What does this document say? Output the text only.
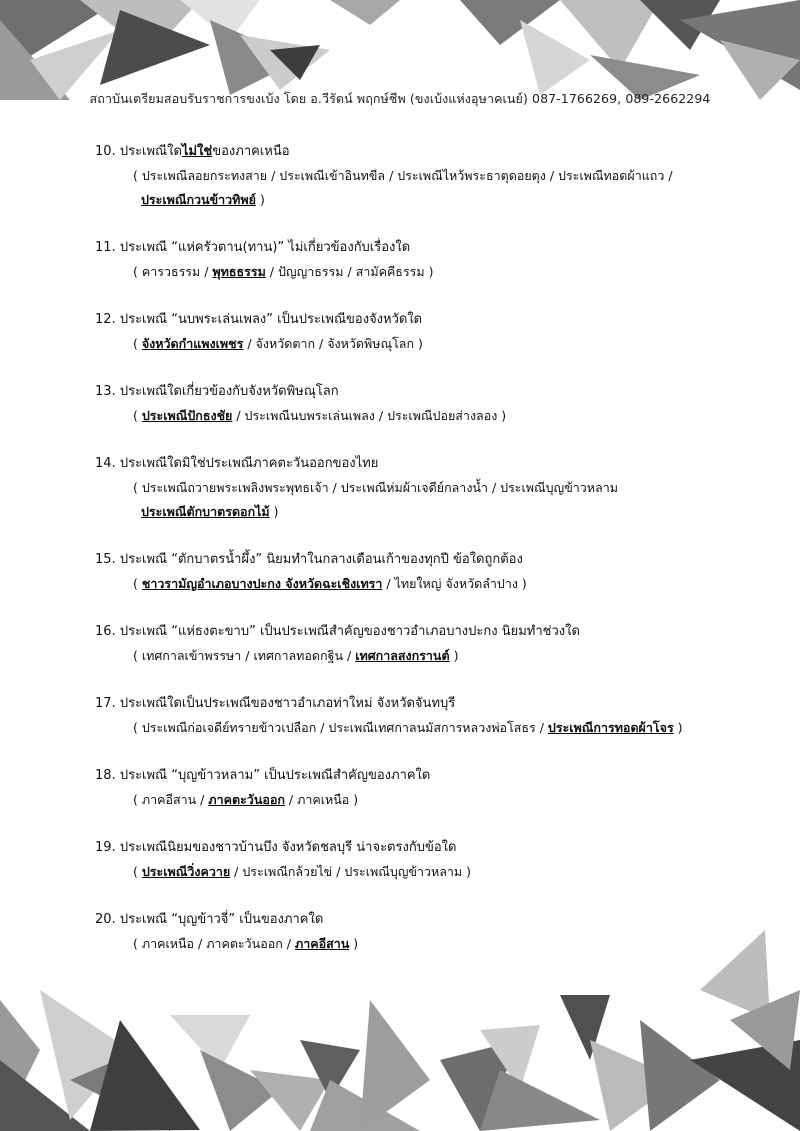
สถาบันเตรียมสอบรับราชการขงเบ้ง โดย อ.วีรัตน์ พฤกษ์ชีพ (ขงเบ้งแห่งอุษาคเนย์) 087-1766269, 089-2662294
10. ประเพณีใดไม่ใช่ของภาคเหนือ
( ประเพณีลอยกระทงสาย / ประเพณีเข้าอินทขีล / ประเพณีไหว้พระธาตุดอยตุง / ประเพณีทอดผ้าแถว /
ประเพณีกวนข้าวทิพย์ )
11. ประเพณี “แห่ครัวตาน(ทาน)” ไม่เกี่ยวข้องกับเรื่องใด
( คารวธรรม / พุทธธรรม / ปัญญาธรรม / สามัคคีธรรม )
12. ประเพณี “นบพระเล่นเพลง” เป็นประเพณีของจังหวัดใด
( จังหวัดกำแพงเพชร / จังหวัดตาก / จังหวัดพิษณุโลก )
13. ประเพณีใดเกี่ยวข้องกับจังหวัดพิษณุโลก
( ประเพณีปักธงชัย / ประเพณีนบพระเล่นเพลง / ประเพณีปอยส่างลอง )
14. ประเพณีใดมิใช่ประเพณีภาคตะวันออกของไทย
( ประเพณีถวายพระเพลิงพระพุทธเจ้า / ประเพณีห่มผ้าเจดีย์กลางน้ำ / ประเพณีบุญข้าวหลาม
ประเพณีตักบาตรดอกไม้ )
15. ประเพณี “ตักบาตรน้ำผึ้ง” นิยมทำในกลางเดือนเก้าของทุกปี ข้อใดถูกต้อง
( ชาวรามัญอำเภอบางปะกง จังหวัดฉะเชิงเทรา / ไทยใหญ่ จังหวัดลำปาง )
16. ประเพณี “แห่ธงตะขาบ” เป็นประเพณีสำคัญของชาวอำเภอบางปะกง นิยมทำช่วงใด
( เทศกาลเข้าพรรษา / เทศกาลทอดกฐิน / เทศกาลสงกรานต์ )
17. ประเพณีใดเป็นประเพณีของชาวอำเภอท่าใหม่ จังหวัดจันทบุรี
( ประเพณีก่อเจดีย์ทรายข้าวเปลือก / ประเพณีเทศกาลนมัสการหลวงพ่อโสธร / ประเพณีการทอดผ้าโจร )
18. ประเพณี “บุญข้าวหลาม” เป็นประเพณีสำคัญของภาคใด
( ภาคอีสาน / ภาคตะวันออก / ภาคเหนือ )
19. ประเพณีนิยมของชาวบ้านบึง จังหวัดชลบุรี น่าจะตรงกับข้อใด
( ประเพณีวิ่งควาย / ประเพณีกล้วยไข่ / ประเพณีบุญข้าวหลาม )
20. ประเพณี “บุญข้าวจี่” เป็นของภาคใด
( ภาคเหนือ / ภาคตะวันออก / ภาคอีสาน )
